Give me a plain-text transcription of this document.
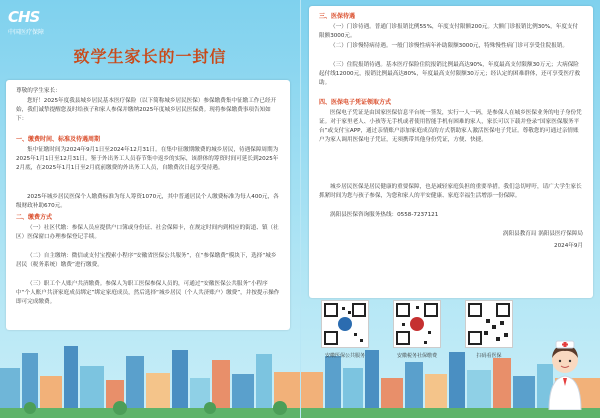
CHS
中国医疗保障
致学生家长的一封信
尊敬的学生家长：
您好！2025年度我县城乡居民基本医疗保险（以下简称城乡居民医保）参保缴费集中征缴工作已经开始，我们诚挚提醒您及时给孩子和家人参保并缴纳2025年度城乡居民医保费。现将参保缴费事项告知如下：
一、缴费时间、标准及待遇周期
集中征缴时间为2024年9月1日至2024年12月31日。在集中征缴期缴费的城乡居民，待遇保障周期为2025年1月1日至12月31日。鉴于外出务工人员春节集中返乡的实际，该群体的筹资时间可延长到2025年2月底，在2025年1月1日至2月底前缴费的外出务工人员，自缴费次日起享受待遇。
2025年城乡居民医保个人缴费标准为每人筹资1070元，其中普通居民个人缴费标准为每人400元，各级财政补助670元。
二、缴费方式
（一）社区代缴：参保人员应提供户口簿或身份证、社会保障卡，在规定时间内到相应的街道、镇（社区）医保窗口办理参保登记手续。
（二）自主缴纳：微信或支付宝搜索小程序“安徽省医保公共服务”，在“参保缴费”模块下，选择“城乡居民（税务系统）缴费”进行缴费。
（三）职工个人账户共济缴费。参保人为职工医保参保人员的，可通过“安徽医保公共服务”小程序中“个人账户共济家庭成员绑定”绑定家庭成员，然后选择“城乡居民（个人共济账户）缴费”，并按提示操作即可完成缴费。
三、医保待遇
（一）门诊待遇。普通门诊报销比例55%，年度支付限额200元。大额门诊报销比例30%，年度支付限额3000元。
（二）门诊慢特病待遇。一般门诊慢性病年补助限额3000元，特殊慢性病门诊可享受住院报销。
（三）住院报销待遇。基本医疗保险住院报销比例最高达90%，年度最高支付限额30万元；大病保险起付线12000元，报销比例最高达80%，年度最高支付限额30万元；经认定的困难群体，还可享受医疗救助。
四、医保电子凭证领取方式
医保电子凭证是由国家医保信息平台统一签发，实行一人一码，是参保人在城乡医保业务的电子身份凭证。对于家里老人、小孩等无手机或者使用智能手机有困难的家人，家长可以下载并登录“国家医保服务平台”或支付宝APP，通过亲情账户添加家庭成员的方式帮助家人激活医保电子凭证。尊敬您的可通过亲情账户为家人调用医保电子凭证，无须携带其他身份凭证，方便、快捷。
城乡居民医保是居民健康的重要保障，也是减轻家庭负担的重要举措。我们急切呼吁，请广大学生家长抓紧时间为您与孩子参保，为您和家人的平安健康、家庭幸福生活增添一份保障。
涡阳县医保咨询服务热线：0558-7237121
涡阳县教育局 涡阳县医疗保障局
2024年9月
安徽医保公共服务	安徽税务社保缴费	扫码看医保
